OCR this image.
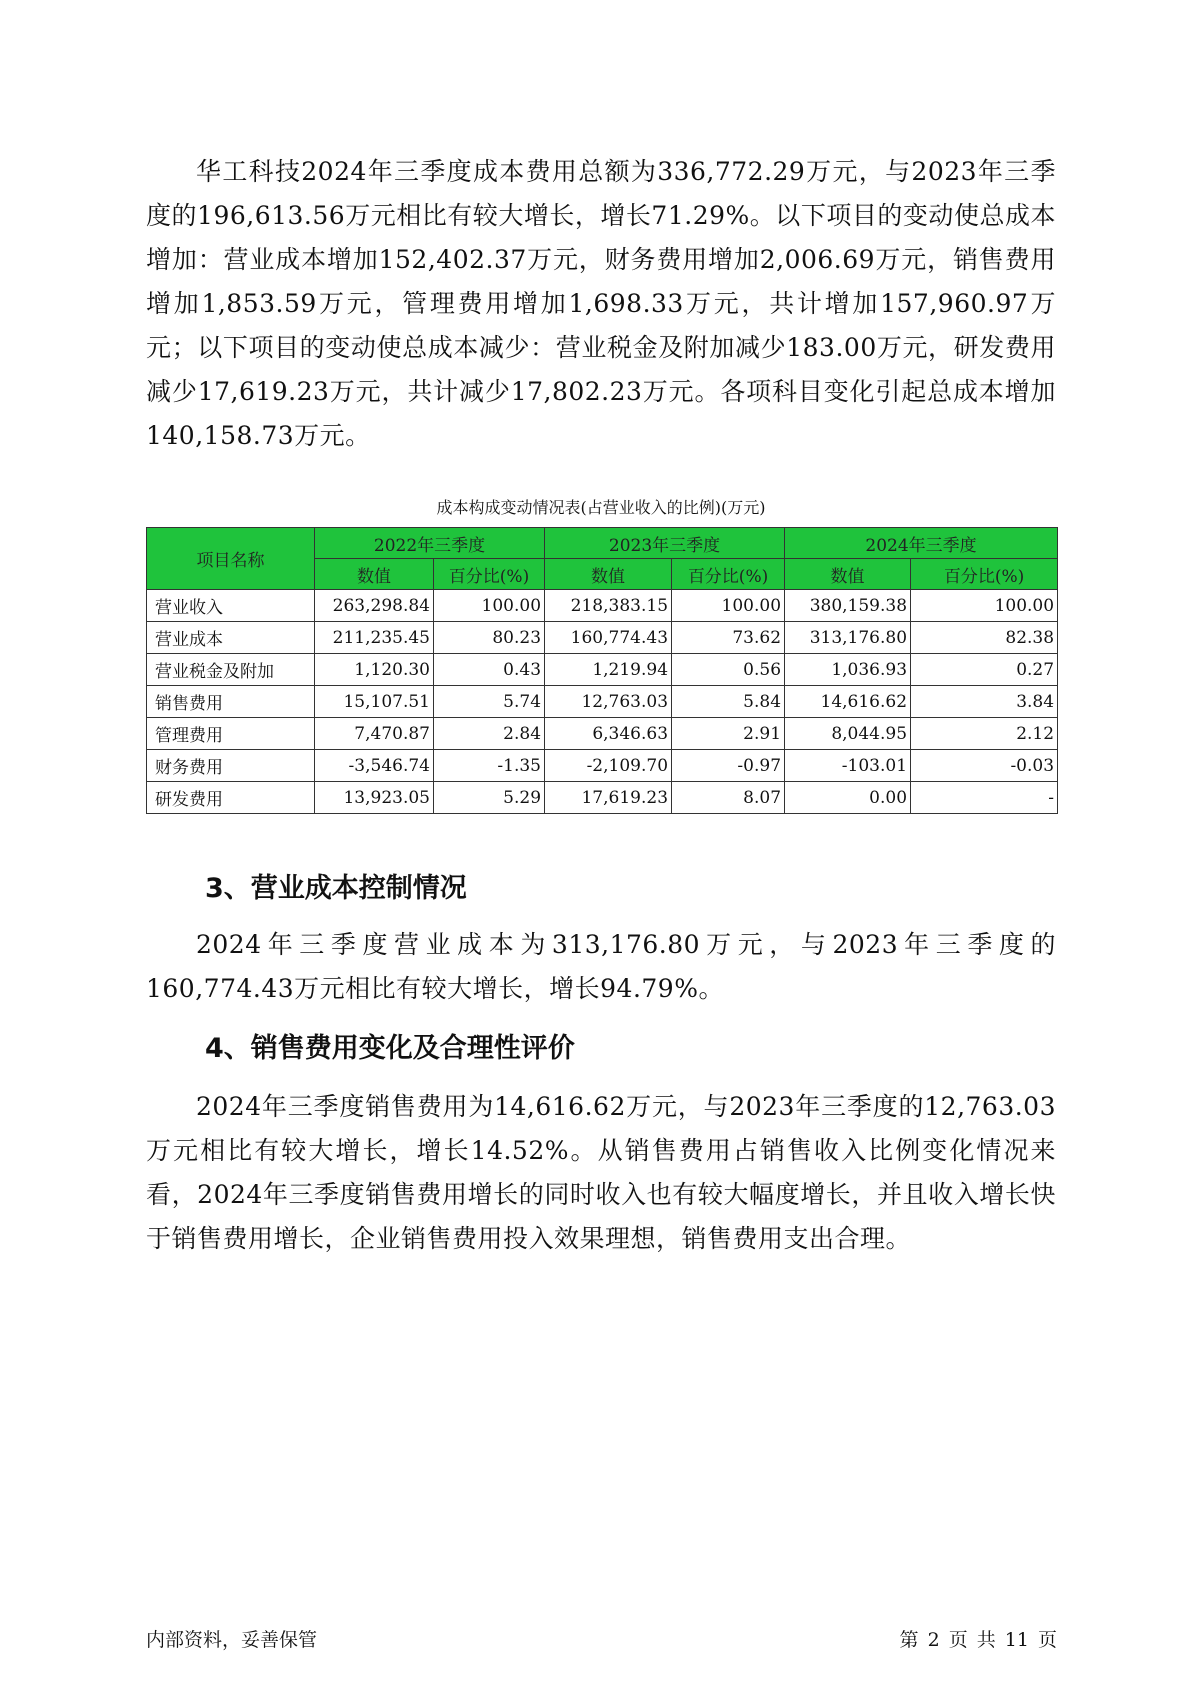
华工科技2024年三季度成本费用总额为336,772.29万元，与2023年三季度的196,613.56万元相比有较大增长，增长71.29%。以下项目的变动使总成本增加：营业成本增加152,402.37万元，财务费用增加2,006.69万元，销售费用增加1,853.59万元，管理费用增加1,698.33万元，共计增加157,960.97万元；以下项目的变动使总成本减少：营业税金及附加减少183.00万元，研发费用减少17,619.23万元，共计减少17,802.23万元。各项科目变化引起总成本增加140,158.73万元。

成本构成变动情况表(占营业收入的比例)(万元)
项目名称	2022年三季度		2023年三季度		2024年三季度	
	数值	百分比(%)	数值	百分比(%)	数值	百分比(%)
营业收入	263,298.84	100.00	218,383.15	100.00	380,159.38	100.00
营业成本	211,235.45	80.23	160,774.43	73.62	313,176.80	82.38
营业税金及附加	1,120.30	0.43	1,219.94	0.56	1,036.93	0.27
销售费用	15,107.51	5.74	12,763.03	5.84	14,616.62	3.84
管理费用	7,470.87	2.84	6,346.63	2.91	8,044.95	2.12
财务费用	-3,546.74	-1.35	-2,109.70	-0.97	-103.01	-0.03
研发费用	13,923.05	5.29	17,619.23	8.07	0.00	-
3、营业成本控制情况

2024年三季度营业成本为313,176.80万元，与2023年三季度的160,774.43万元相比有较大增长，增长94.79%。

4、销售费用变化及合理性评价

2024年三季度销售费用为14,616.62万元，与2023年三季度的12,763.03万元相比有较大增长，增长14.52%。从销售费用占销售收入比例变化情况来看，2024年三季度销售费用增长的同时收入也有较大幅度增长，并且收入增长快于销售费用增长，企业销售费用投入效果理想，销售费用支出合理。

内部资料，妥善保管	第 2 页 共 11 页
